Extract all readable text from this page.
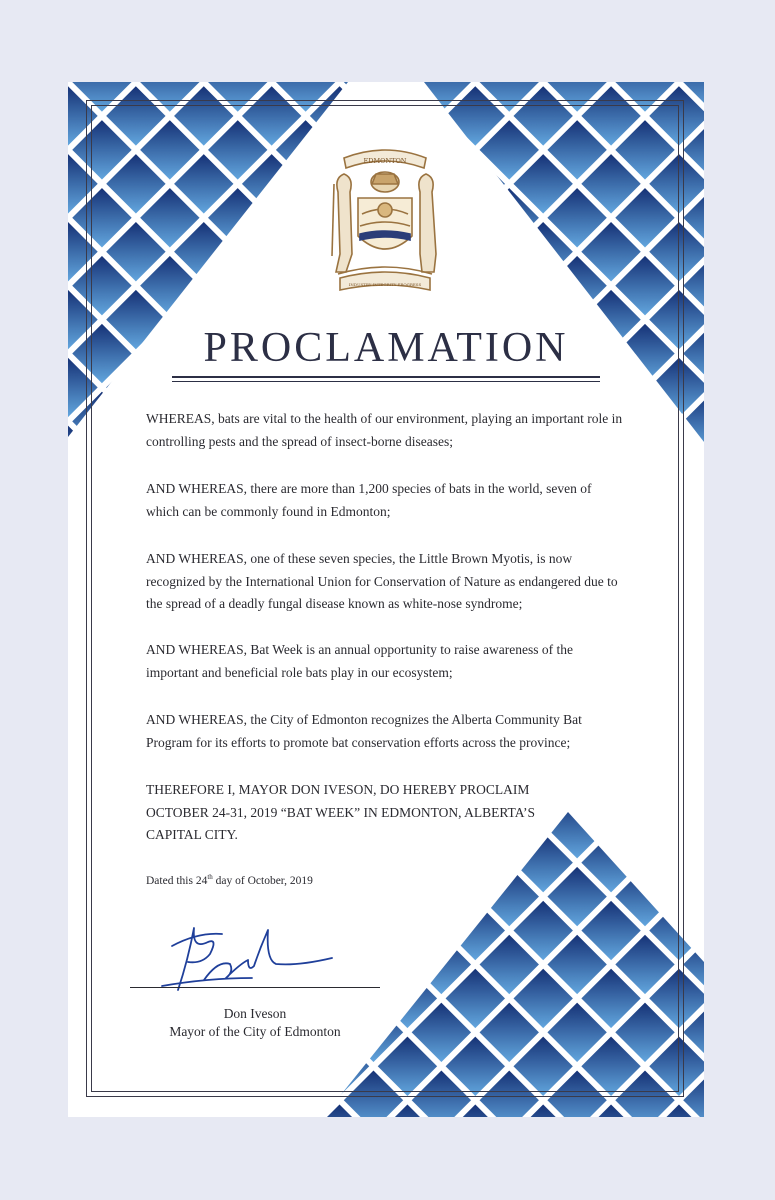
EDMONTON
INDUSTRY INTEGRITY PROGRESS
PROCLAMATION

WHEREAS, bats are vital to the health of our environment, playing an important role in controlling pests and the spread of insect-borne diseases;

AND WHEREAS, there are more than 1,200 species of bats in the world, seven of which can be commonly found in Edmonton;

AND WHEREAS, one of these seven species, the Little Brown Myotis, is now recognized by the International Union for Conservation of Nature as endangered due to the spread of a deadly fungal disease known as white-nose syndrome;

AND WHEREAS, Bat Week is an annual opportunity to raise awareness of the important and beneficial role bats play in our ecosystem;

AND WHEREAS, the City of Edmonton recognizes the Alberta Community Bat Program for its efforts to promote bat conservation efforts across the province;

THEREFORE I, MAYOR DON IVESON, DO HEREBY PROCLAIM OCTOBER 24-31, 2019 “BAT WEEK” IN EDMONTON, ALBERTA’S CAPITAL CITY.

Dated this 24th day of October, 2019
Don Iveson
Mayor of the City of Edmonton
